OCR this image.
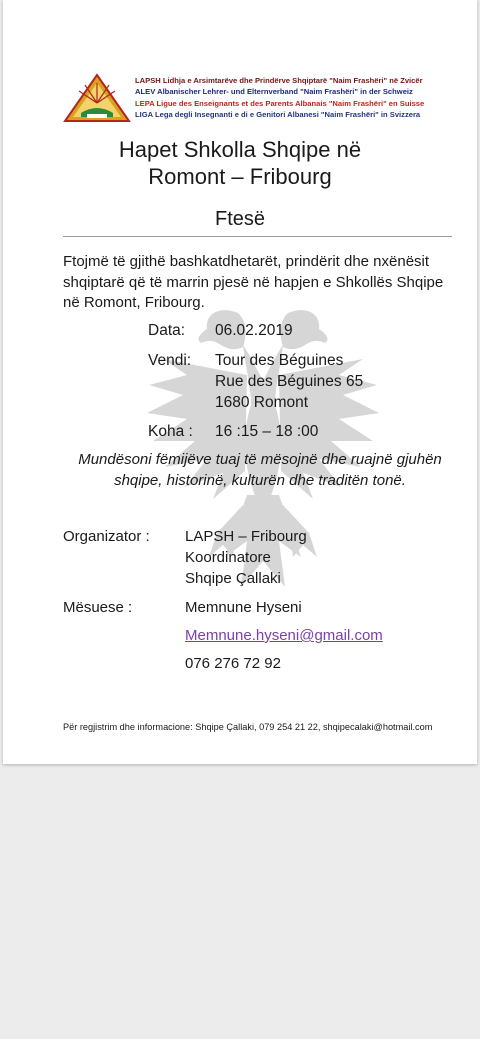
LAPSH Lidhja e Arsimtarëve dhe Prindërve Shqiptarë "Naim Frashëri" në Zvicër
ALEV Albanischer Lehrer- und Elternverband "Naim Frashëri" in der Schweiz
LEPA Ligue des Enseignants et des Parents Albanais "Naim Frashëri" en Suisse
LIGA Lega degli Insegnanti e di e Genitori Albanesi "Naim Frashëri" in Svizzera
Hapet Shkolla Shqipe në
Romont – Fribourg
Ftesë
Ftojmë të gjithë bashkatdhetarët, prindërit dhe nxënësit shqiptarë që të marrin pjesë në hapjen e Shkollës Shqipe në Romont, Fribourg.
Data: 06.02.2019
Vendi: Tour des Béguines
Rue des Béguines 65
1680 Romont
Koha : 16 :15 – 18 :00
Mundësoni fëmijëve tuaj të mësojnë dhe ruajnë gjuhën shqipe, historinë, kulturën dhe traditën tonë.
Organizator : LAPSH – Fribourg
Koordinatore
Shqipe Çallaki
Mësuese :	Memnune Hyseni
Memnune.hyseni@gmail.com
076 276 72 92
Për regjistrim dhe informacione: Shqipe Çallaki, 079 254 21 22, shqipecalaki@hotmail.com
